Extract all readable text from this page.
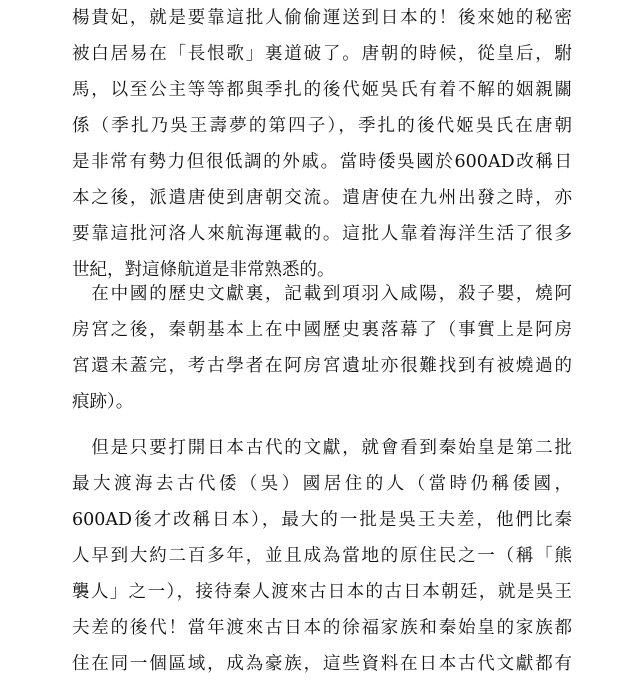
楊貴妃，就是要靠這批人偷偷運送到日本的！後來她的秘密
被白居易在「長恨歌」裏道破了。唐朝的時候，從皇后，駙
馬，以至公主等等都與季扎的後代姬吳氏有着不解的姻親關
係（季扎乃吳王壽夢的第四子），季扎的後代姬吳氏在唐朝
是非常有勢力但很低調的外戚。當時倭吳國於600AD改稱日
本之後，派遣唐使到唐朝交流。遣唐使在九州出發之時，亦
要靠這批河洛人來航海運載的。這批人靠着海洋生活了很多
世紀，對這條航道是非常熟悉的。
　在中國的歷史文獻裏，記載到項羽入咸陽，殺子嬰，燒阿
房宮之後，秦朝基本上在中國歷史裏落幕了（事實上是阿房
宮還未蓋完，考古學者在阿房宮遺址亦很難找到有被燒過的
痕跡）。
　但是只要打開日本古代的文獻，就會看到秦始皇是第二批
最大渡海去古代倭（吳）國居住的人（當時仍稱倭國，
600AD後才改稱日本），最大的一批是吳王夫差，他們比秦
人早到大約二百多年，並且成為當地的原住民之一（稱「熊
襲人」之一），接待秦人渡來古日本的古日本朝廷，就是吳王
夫差的後代！當年渡來古日本的徐福家族和秦始皇的家族都
住在同一個區域，成為豪族，這些資料在日本古代文獻都有
